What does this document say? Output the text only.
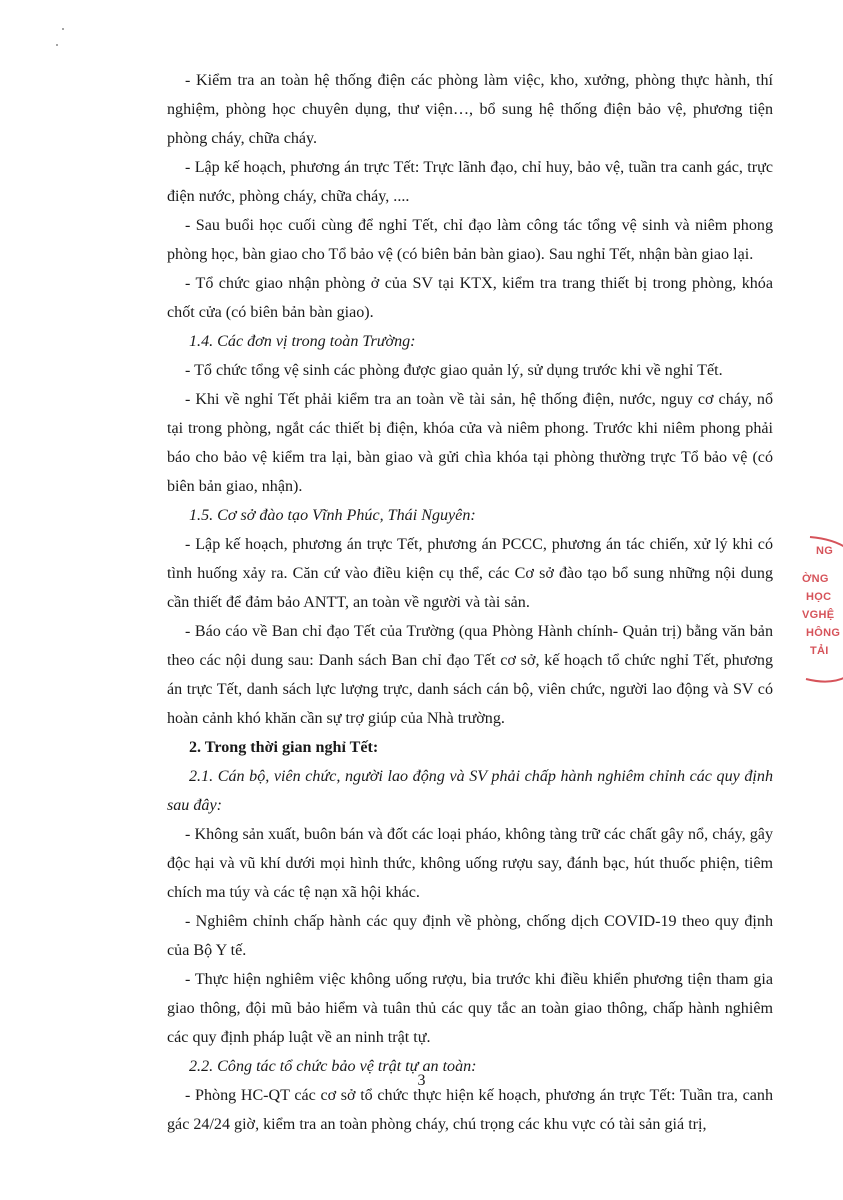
- Kiểm tra an toàn hệ thống điện các phòng làm việc, kho, xưởng, phòng thực hành, thí nghiệm, phòng học chuyên dụng, thư viện…, bổ sung hệ thống điện bảo vệ, phương tiện phòng cháy, chữa cháy.

- Lập kế hoạch, phương án trực Tết: Trực lãnh đạo, chỉ huy, bảo vệ, tuần tra canh gác, trực điện nước, phòng cháy, chữa cháy, ....

- Sau buổi học cuối cùng để nghỉ Tết, chỉ đạo làm công tác tổng vệ sinh và niêm phong phòng học, bàn giao cho Tổ bảo vệ (có biên bản bàn giao). Sau nghỉ Tết, nhận bàn giao lại.

- Tổ chức giao nhận phòng ở của SV tại KTX, kiểm tra trang thiết bị trong phòng, khóa chốt cửa (có biên bản bàn giao).

1.4. Các đơn vị trong toàn Trường:

- Tổ chức tổng vệ sinh các phòng được giao quản lý, sử dụng trước khi về nghỉ Tết.

- Khi về nghỉ Tết phải kiểm tra an toàn về tài sản, hệ thống điện, nước, nguy cơ cháy, nổ tại trong phòng, ngắt các thiết bị điện, khóa cửa và niêm phong. Trước khi niêm phong phải báo cho bảo vệ kiểm tra lại, bàn giao và gửi chìa khóa tại phòng thường trực Tổ bảo vệ (có biên bản giao, nhận).

1.5. Cơ sở đào tạo Vĩnh Phúc, Thái Nguyên:

- Lập kế hoạch, phương án trực Tết, phương án PCCC, phương án tác chiến, xử lý khi có tình huống xảy ra. Căn cứ vào điều kiện cụ thể, các Cơ sở đào tạo bổ sung những nội dung cần thiết để đảm bảo ANTT, an toàn về người và tài sản.

- Báo cáo về Ban chỉ đạo Tết của Trường (qua Phòng Hành chính- Quản trị) bằng văn bản theo các nội dung sau: Danh sách Ban chỉ đạo Tết cơ sở, kế hoạch tổ chức nghỉ Tết, phương án trực Tết, danh sách lực lượng trực, danh sách cán bộ, viên chức, người lao động và SV có hoàn cảnh khó khăn cần sự trợ giúp của Nhà trường.

2. Trong thời gian nghỉ Tết:

2.1. Cán bộ, viên chức, người lao động và SV phải chấp hành nghiêm chỉnh các quy định sau đây:

- Không sản xuất, buôn bán và đốt các loại pháo, không tàng trữ các chất gây nổ, cháy, gây độc hại và vũ khí dưới mọi hình thức, không uống rượu say, đánh bạc, hút thuốc phiện, tiêm chích ma túy và các tệ nạn xã hội khác.

- Nghiêm chỉnh chấp hành các quy định về phòng, chống dịch COVID-19 theo quy định của Bộ Y tế.

- Thực hiện nghiêm việc không uống rượu, bia trước khi điều khiển phương tiện tham gia giao thông, đội mũ bảo hiểm và tuân thủ các quy tắc an toàn giao thông, chấp hành nghiêm các quy định pháp luật về an ninh trật tự.

2.2. Công tác tổ chức bảo vệ trật tự an toàn:

- Phòng HC-QT các cơ sở tổ chức thực hiện kế hoạch, phương án trực Tết: Tuần tra, canh gác 24/24 giờ, kiểm tra an toàn phòng cháy, chú trọng các khu vực có tài sản giá trị,

3
NG
ỜNG
HỌC
VGHỆ
HÔNG
TẢI
